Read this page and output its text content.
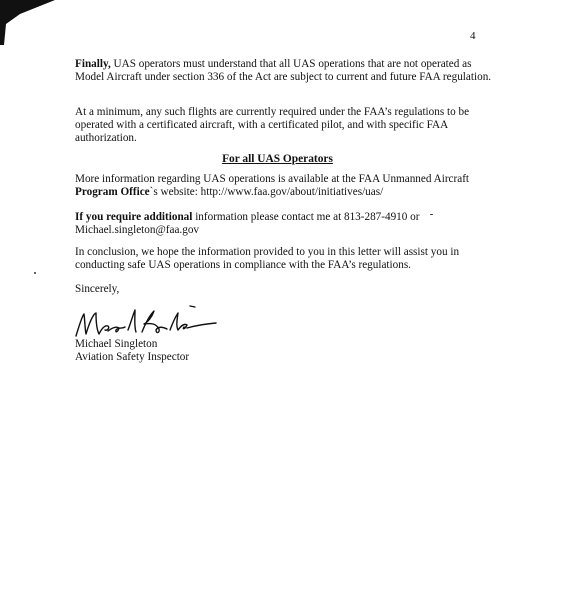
4

Finally, UAS operators must understand that all UAS operations that are not operated as Model Aircraft under section 336 of the Act are subject to current and future FAA regulation.

At a minimum, any such flights are currently required under the FAA’s regulations to be operated with a certificated aircraft, with a certificated pilot, and with specific FAA authorization.

For all UAS Operators

More information regarding UAS operations is available at the FAA Unmanned Aircraft Program Office`s website: http://www.faa.gov/about/initiatives/uas/

If you require additional information please contact me at 813-287-4910 or Michael.singleton@faa.gov

In conclusion, we hope the information provided to you in this letter will assist you in conducting safe UAS operations in compliance with the FAA’s regulations.

Sincerely,

Michael Singleton
Aviation Safety Inspector
